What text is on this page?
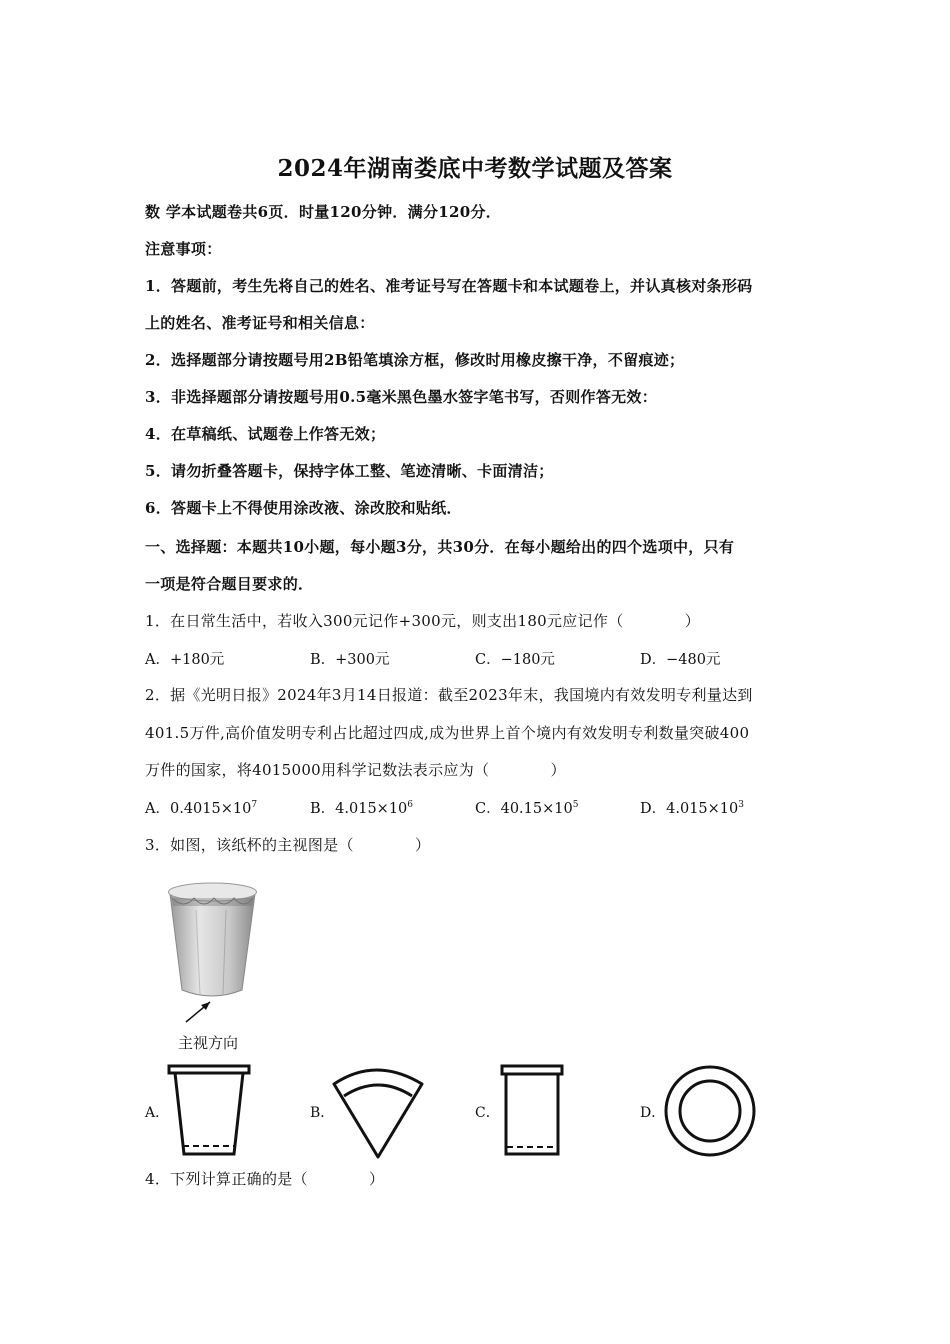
2024年湖南娄底中考数学试题及答案
数 学本试题卷共6页．时量120分钟．满分120分．
注意事项：
1．答题前，考生先将自己的姓名、准考证号写在答题卡和本试题卷上，并认真核对条形码
上的姓名、准考证号和相关信息：
2．选择题部分请按题号用2B铅笔填涂方框，修改时用橡皮擦干净，不留痕迹；
3．非选择题部分请按题号用0.5毫米黑色墨水签字笔书写，否则作答无效：
4．在草稿纸、试题卷上作答无效；
5．请勿折叠答题卡，保持字体工整、笔迹清晰、卡面清洁；
6．答题卡上不得使用涂改液、涂改胶和贴纸．
一、选择题：本题共10小题，每小题3分，共30分．在每小题给出的四个选项中，只有
一项是符合题目要求的．
1．在日常生活中，若收入300元记作+300元，则支出180元应记作（　　　　）
A．+180元	B．+300元	C．−180元	D．−480元
2．据《光明日报》2024年3月14日报道：截至2023年末，我国境内有效发明专利量达到
401.5万件,高价值发明专利占比超过四成,成为世界上首个境内有效发明专利数量突破400
万件的国家，将4015000用科学记数法表示应为（　　　　）
A．$0.4015\times 10^7$	B．$4.015\times 10^6$	C．$40.15\times 10^5$	D．$4.015\times 10^3$
3．如图，该纸杯的主视图是（　　　　）
主视方向
A．	B．	C．	D．
4．下列计算正确的是（　　　　）
